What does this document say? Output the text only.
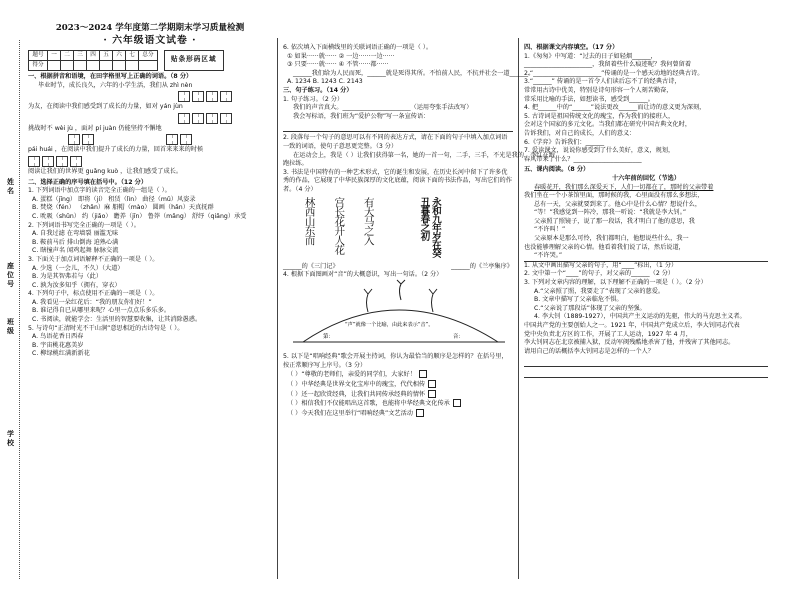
姓名
班级
学校
座位号
2023～2024 学年度第二学期期末学习质量检测
· 六年级语文试卷 ·
题号	一	二	三	四	五	六	七	总分
得分								
贴条形码区域
一、根据拼音和语境，在田字格里写上正确的词语。（8 分）
毕业时节，成长良久，六年的小学生活，我们从 zhì nèn
为友，在阅读中我们感受到了成长的力量，如对 yán jùn
挑战时不 wèi jù ，面对 pí juàn 仍能坚持不懈地
pái huái ，在阅读中我们提升了成长的力量，回首来来来的时候
阅读让我们的世界更 guǎng kuò ，让我们感受了成长。
二、选择正确的序号填在括号中。（12 分）
1. 下列词语中加点字的读音完全正确的一组是（ ）。
A. 蛋糕（jīng） 即将（jí） 租赁（lìn） 曲径（mǔ）风姿录
B. 焚烧（fén） （zhǎn）麻 船帽（mào） 圆画（hǎn）天真抚群
C. 吮吸（shǔn） 约（jiǎo） 瞻养（jīn） 鲁莽（mǎng） 舒纾（qiǎng）承受
2. 下列词语书写完全正确的一项是（ ）。
A. 自我过滤 在弯墙裂 丽滥无味
B. 鞍前马后 排山倒海 迫熟心满
C. 瞎撞声名 闻鸡起舞 脉脉交流
3. 下面关于加点词语解释不正确的一项是（ ）。
A. 少选（一会儿，不久）（大道）
B. 为是其智弗若与（此）
C. 孰为汝多知乎（拥有，穿衣）
4. 下列句子中，标点使用不正确的一项是（ ）。
A. 我看见一朵红花后：“我的朋友你们好！”
B. 谁记得自已从哪里来呢？心里一点点乐多乐多。
C. 书阅读，就能学会：生活里的智慧要收集，让其消除愚惑。
5. 与诗句“正清时光不干山涧”意思相近的古诗句是（ ）。
A. 鸟语花香日西春
B. 宇宙桃花惠美岁
C. 柳绿桃红满新新花
6. 依次填入下面横线里的关联词语正确的一项是（ ）。
① 如果······就······ ② 一边······一边······
③ 只要······就······ ④ 不管······都······
______我们给为人民而死，______就是死得其所。不怕前人民，不抗并社会一道______。
A. 1234 B. 1243 C. 2143
三、句子练习。（14 分）
1. 句子练习。（2 分）
我们的声音真大。______________________（运用夸张手法改写）
我会写标语，我们班为“爱护公物”写一条宣传语：
2. 段落每一个句子的意思可以有不同的表达方式，请在下面的句子中填入加点词语一致的词语，使句子意思更完整。（3 分）
在运动会上，我是（ ）让我们获得第一名，她的一首一句，二手，三手，不光是我的，李红在跑
跑拉练。
3. 书法是中国特有的一种艺术形式，它的诞生和发展，在历史长河中留下了许多优秀的作品，它展现了中华民族深厚的文化底蕴，阅读下面的书法作品，写出它们的作者。（4 分）
林西山东而 宫长花开人花 有大马之入	永和九年岁在癸丑暮春之初
______的《三门记》	______的《兰亭集序》
4. 根据下面图画对“音”的大概意识，写出一句话。（2 分）
第：	音：
“声”就像一个比喻，由此来表示“音”。
5. 以下是“唱响经典”歌会开展主持词，你认为最恰当的顺序是怎样的？在括号里，按正常顺序写上序号。（3 分）
（ ）“尊敬的老师们，亲爱的同学们，大家好！
（ ）中华经典是世界文化宝库中的瑰宝，代代相传
（ ）还一起欣赏经典，让我们共同传承经典的情怀
（ ）相信我们不仅能唱出这首歌，也能将中华经典文化传承
（ ）今天我们在这里举行“唱响经典”文艺活动
四、根据课文内容填空。（17 分）
1.《匆匆》中写道：“过去的日子如轻烟______，
______________________，我留着些什么痕迹呢？我何曾留着
2.“______________________”传诵的是一个感天动地的经典古诗。
3.“______” 传诵的是一首令人们读后忘不了的经典古诗，
常常用古诗中优美，特别是诗句形容一个人刻苦勤奋，
常采用比喻的手法，如想读书，感受到______。
4. 把______中的“______”说法更改______而让诗的意义更为深刻，
5. 古诗词是祖国传统文化的瑰宝，作为我们的接班人，
会对这个国家的多元文化。当我们都在研究中国古典文化时，
告诉我们，对自己的成长，人们的意义：
6.《学弈》告诉我们：______
7. 爱读课文，说说你感受到了什么美好，意义，规划，
春风带来了什么？______________________
五、课内阅读。（8 分）
十六年前的回忆（节选）
春暖花开，我们那么深爱天下，人们一切都在了，那时的父亲带着
我们坐在一个小茶馆里面，那时候的我，心里面没有那么多想法，
总有一天，父亲就要到来了。他心中是什么心情？想说什么，
“等！”我感觉到一阵冷，那我一听说：“我就是李大钊。”
父亲照了照镜子，说了那一段话，我才明白了他的意思，我
“不许叫！”
父亲原本是那么可怜，我们都明白，他想说些什么，我一
也没能够理解父亲的心情。他看着我们说了话，然后说道，
“不许哭。”
1. 从文中画出描写父亲的句子，用“____”标出，（1 分）
2. 文中第一个“____”的句子，对父亲的______（2 分）
3. 下列对文章内容的理解，以下理解不正确的一项是（ ）。（2 分）
A.“父亲照了照，我要走了”表现了父亲的慈爱。
B. 文章中描写了父亲临危不惧。
C.“父亲说了那段话”体现了父亲的坚强。
4. 李大钊（1889-1927），中国共产主义运动的先驱，伟大的马克思主义者。
中国共产党的主要创始人之一。1921 年，中国共产党成立后，李大钊同志代表
党中央负责北方区的工作，开展了工人运动，1927 年 4 月，
李大钊同志在北京被捕入狱，反动军阀残酷地杀害了他，并残害了其他同志。
请用自己的话概括李大钊同志是怎样的一个人？
